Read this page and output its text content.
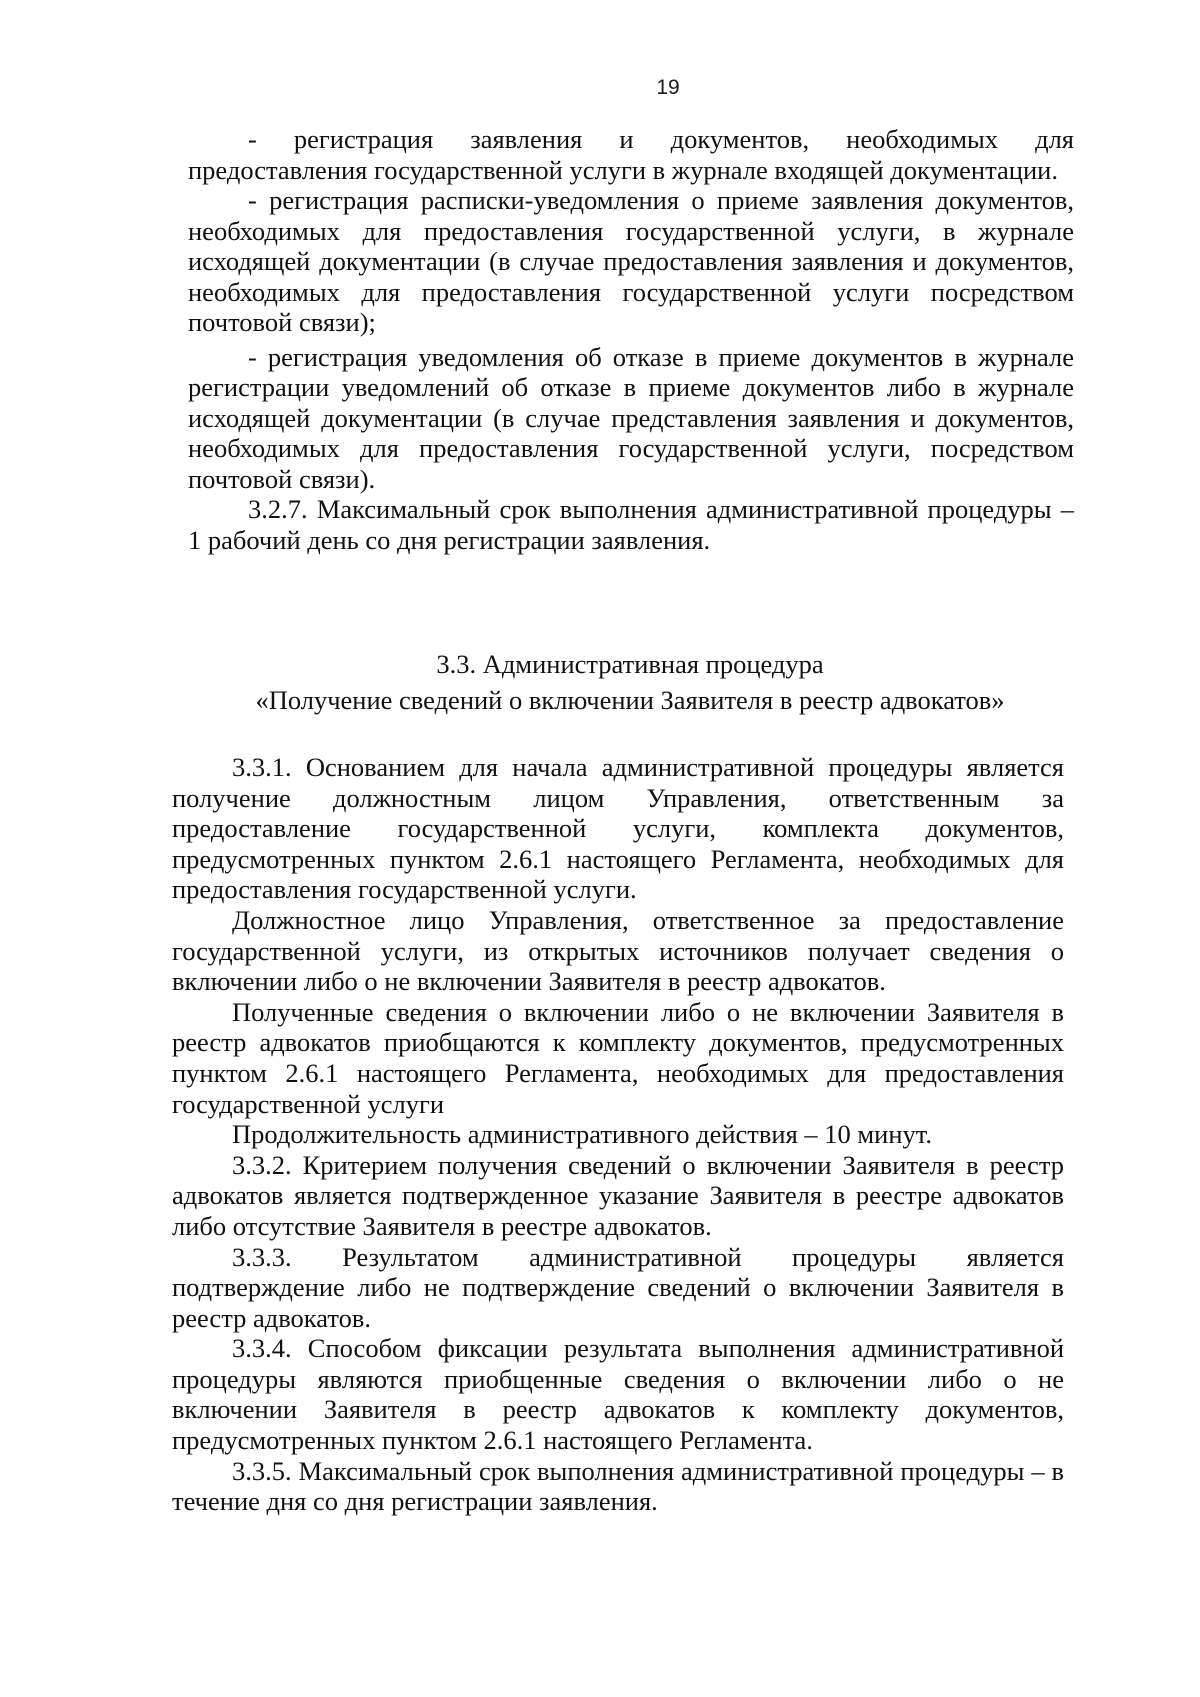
19

- регистрация заявления и документов, необходимых для предоставления государственной услуги в журнале входящей документации.

- регистрация расписки-уведомления о приеме заявления документов, необходимых для предоставления государственной услуги, в журнале исходящей документации (в случае предоставления заявления и документов, необходимых для предоставления государственной услуги посредством почтовой связи);

- регистрация уведомления об отказе в приеме документов в журнале регистрации уведомлений об отказе в приеме документов либо в журнале исходящей документации (в случае представления заявления и документов, необходимых для предоставления государственной услуги, посредством почтовой связи).

3.2.7. Максимальный срок выполнения административной процедуры – 1 рабочий день со дня регистрации заявления.

3.3. Административная процедура
«Получение сведений о включении Заявителя в реестр адвокатов»

3.3.1. Основанием для начала административной процедуры является получение должностным лицом Управления, ответственным за предоставление государственной услуги, комплекта документов, предусмотренных пунктом 2.6.1 настоящего Регламента, необходимых для предоставления государственной услуги.

Должностное лицо Управления, ответственное за предоставление государственной услуги, из открытых источников получает сведения о включении либо о не включении Заявителя в реестр адвокатов.

Полученные сведения о включении либо о не включении Заявителя в реестр адвокатов приобщаются к комплекту документов, предусмотренных пунктом 2.6.1 настоящего Регламента, необходимых для предоставления государственной услуги

Продолжительность административного действия – 10 минут.

3.3.2. Критерием получения сведений о включении Заявителя в реестр адвокатов является подтвержденное указание Заявителя в реестре адвокатов либо отсутствие Заявителя в реестре адвокатов.

3.3.3. Результатом административной процедуры является подтверждение либо не подтверждение сведений о включении Заявителя в реестр адвокатов.

3.3.4. Способом фиксации результата выполнения административной процедуры являются приобщенные сведения о включении либо о не включении Заявителя в реестр адвокатов к комплекту документов, предусмотренных пунктом 2.6.1 настоящего Регламента.

3.3.5. Максимальный срок выполнения административной процедуры – в течение дня со дня регистрации заявления.
